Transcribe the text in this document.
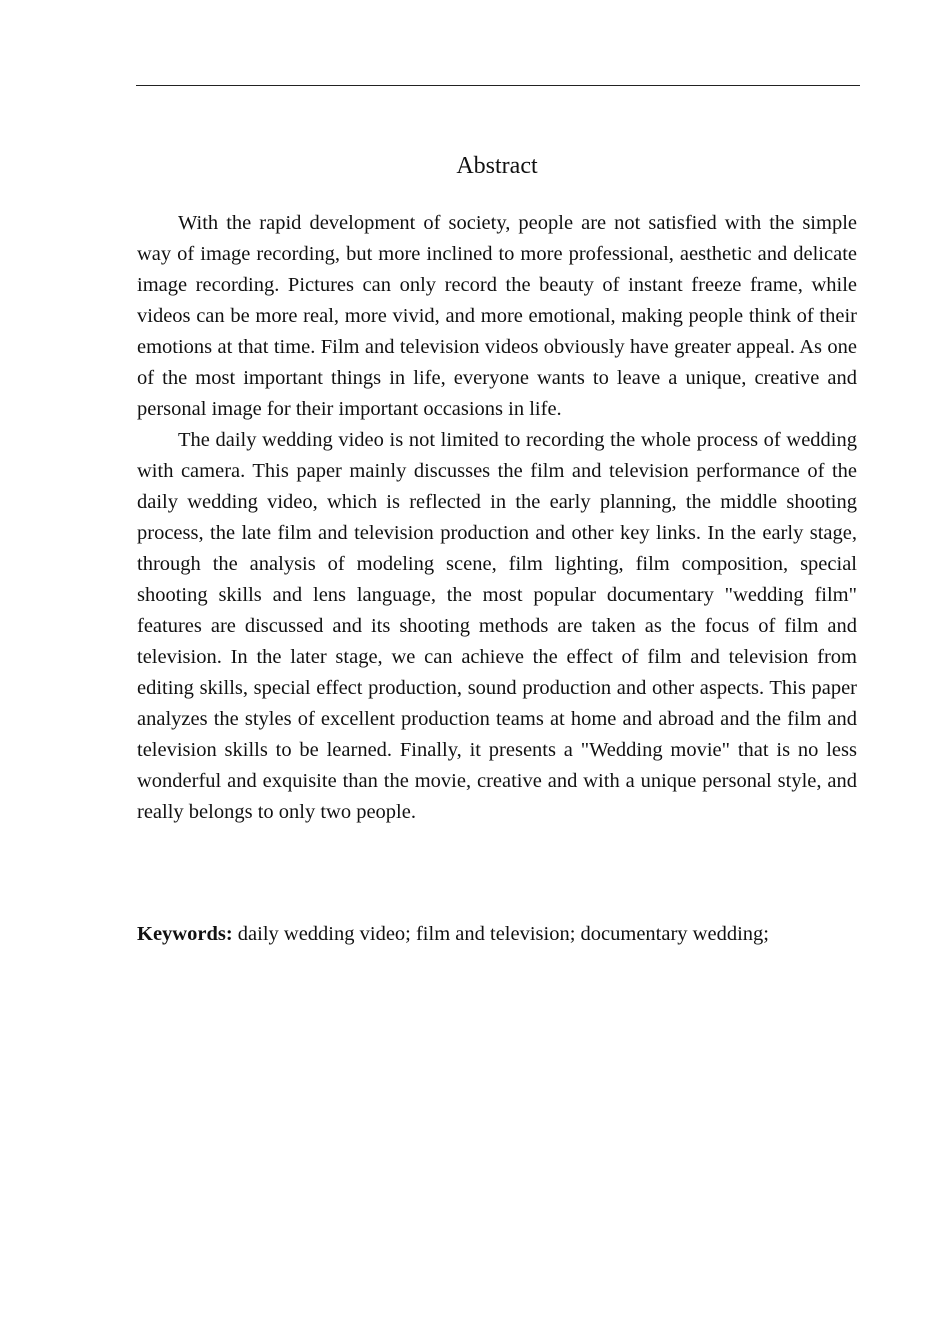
Abstract

With the rapid development of society, people are not satisfied with the simple way of image recording, but more inclined to more professional, aesthetic and delicate image recording. Pictures can only record the beauty of instant freeze frame, while videos can be more real, more vivid, and more emotional, making people think of their emotions at that time. Film and television videos obviously have greater appeal. As one of the most important things in life, everyone wants to leave a unique, creative and personal image for their important occasions in life.

The daily wedding video is not limited to recording the whole process of wedding with camera. This paper mainly discusses the film and television performance of the daily wedding video, which is reflected in the early planning, the middle shooting process, the late film and television production and other key links. In the early stage, through the analysis of modeling scene, film lighting, film composition, special shooting skills and lens language, the most popular documentary "wedding film" features are discussed and its shooting methods are taken as the focus of film and television. In the later stage, we can achieve the effect of film and television from editing skills, special effect production, sound production and other aspects. This paper analyzes the styles of excellent production teams at home and abroad and the film and television skills to be learned. Finally, it presents a "Wedding movie" that is no less wonderful and exquisite than the movie, creative and with a unique personal style, and really belongs to only two people.

Keywords: daily wedding video; film and television; documentary wedding;
